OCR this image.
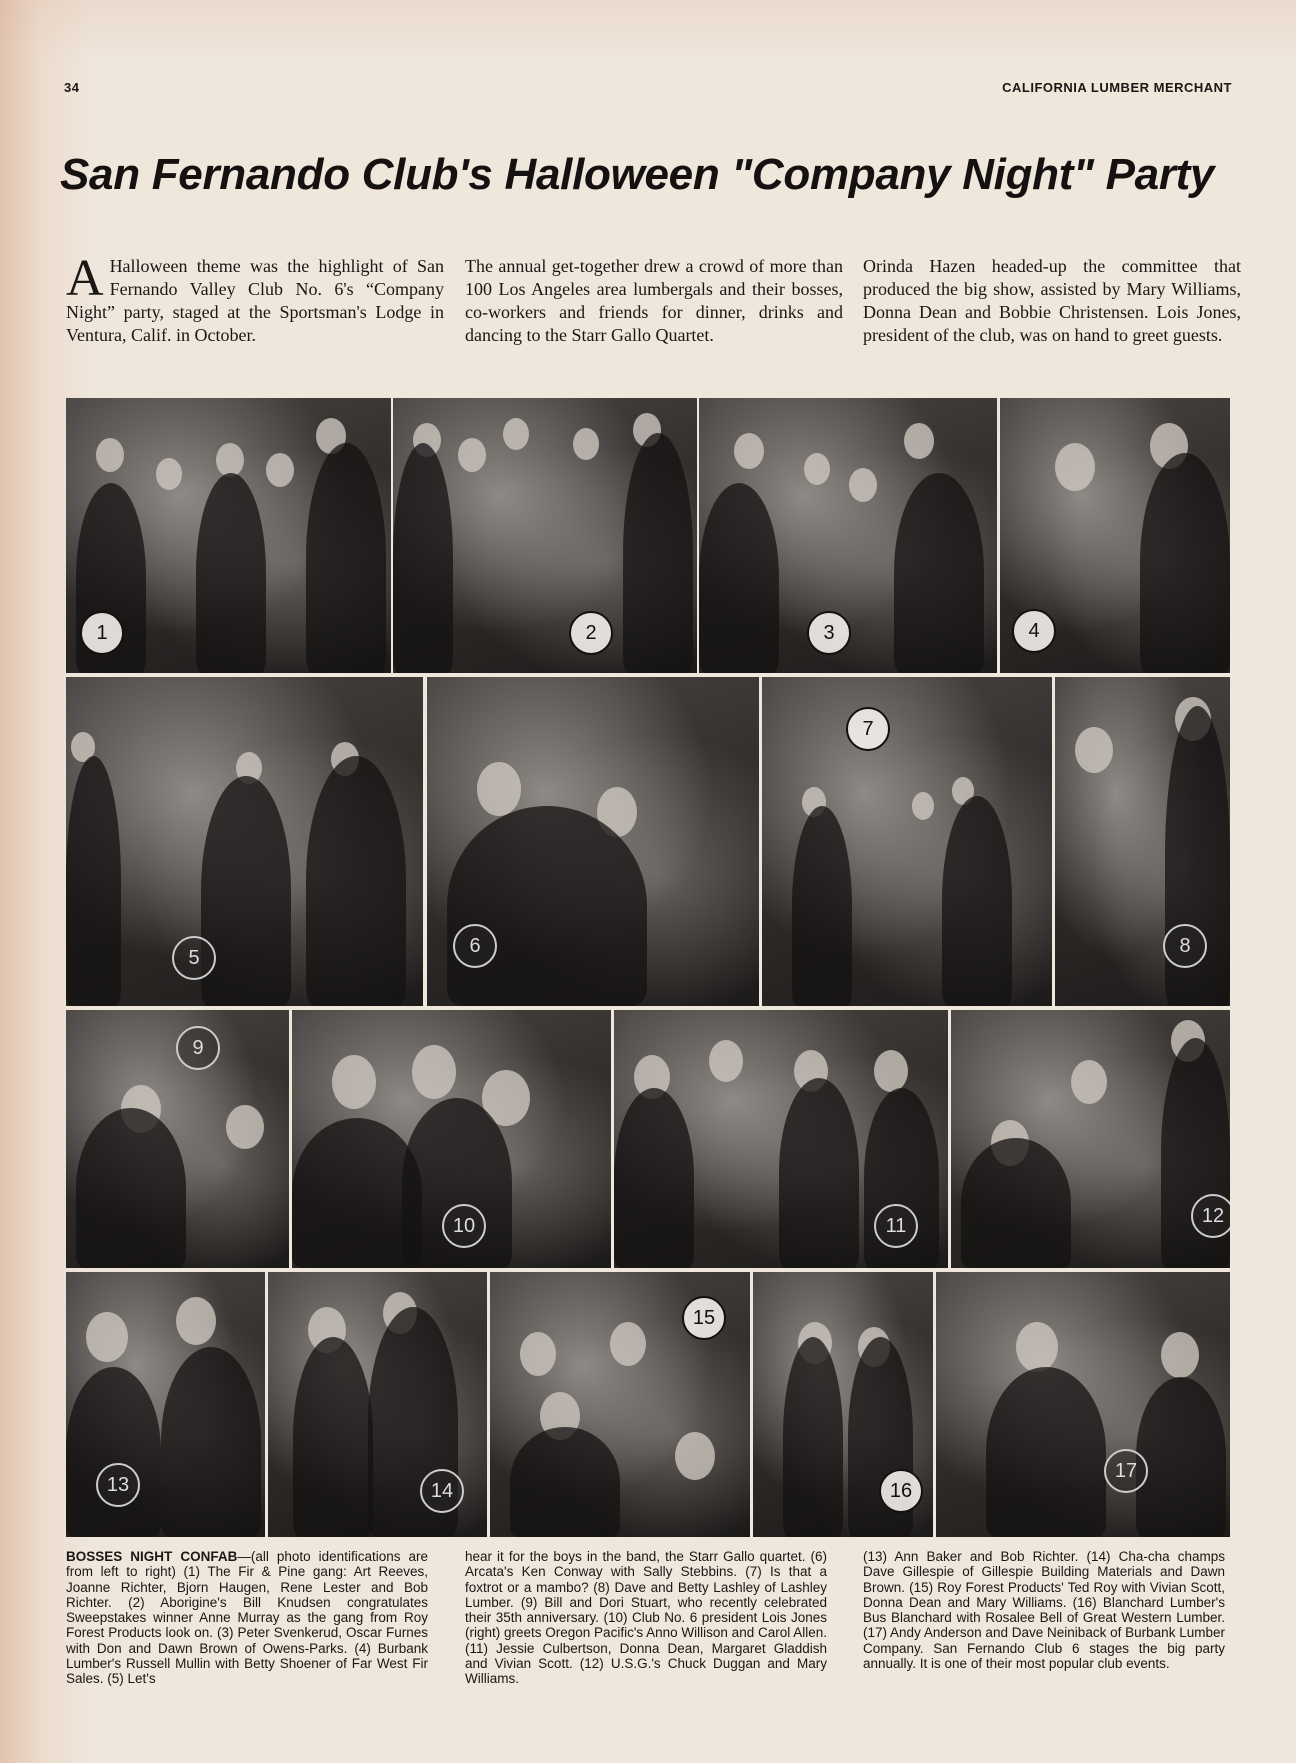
34	CALIFORNIA LUMBER MERCHANT
San Fernando Club's Halloween "Company Night" Party
A Halloween theme was the highlight of San Fernando Valley Club No. 6's “Company Night” party, staged at the Sportsman's Lodge in Ventura, Calif. in October.
The annual get-together drew a crowd of more than 100 Los Angeles area lumbergals and their bosses, co-workers and friends for dinner, drinks and dancing to the Starr Gallo Quartet.
Orinda Hazen headed-up the committee that produced the big show, assisted by Mary Williams, Donna Dean and Bobbie Christensen. Lois Jones, president of the club, was on hand to greet guests.
1	2	3	4
5
6
7
8
9
10	11	12
13	14
15
16
17
BOSSES NIGHT CONFAB—(all photo identifications are from left to right) (1) The Fir & Pine gang: Art Reeves, Joanne Richter, Bjorn Haugen, Rene Lester and Bob Richter. (2) Aborigine's Bill Knudsen congratulates Sweepstakes winner Anne Murray as the gang from Roy Forest Products look on. (3) Peter Svenkerud, Oscar Furnes with Don and Dawn Brown of Owens-Parks. (4) Burbank Lumber's Russell Mullin with Betty Shoener of Far West Fir Sales. (5) Let's
hear it for the boys in the band, the Starr Gallo quartet. (6) Arcata's Ken Conway with Sally Stebbins. (7) Is that a foxtrot or a mambo? (8) Dave and Betty Lashley of Lashley Lumber. (9) Bill and Dori Stuart, who recently celebrated their 35th anniversary. (10) Club No. 6 president Lois Jones (right) greets Oregon Pacific's Anno Willison and Carol Allen. (11) Jessie Culbertson, Donna Dean, Margaret Gladdish and Vivian Scott. (12) U.S.G.'s Chuck Duggan and Mary Williams.
(13) Ann Baker and Bob Richter. (14) Cha-cha champs Dave Gillespie of Gillespie Building Materials and Dawn Brown. (15) Roy Forest Products' Ted Roy with Vivian Scott, Donna Dean and Mary Williams. (16) Blanchard Lumber's Bus Blanchard with Rosalee Bell of Great Western Lumber. (17) Andy Anderson and Dave Neiniback of Burbank Lumber Company. San Fernando Club 6 stages the big party annually. It is one of their most popular club events.
